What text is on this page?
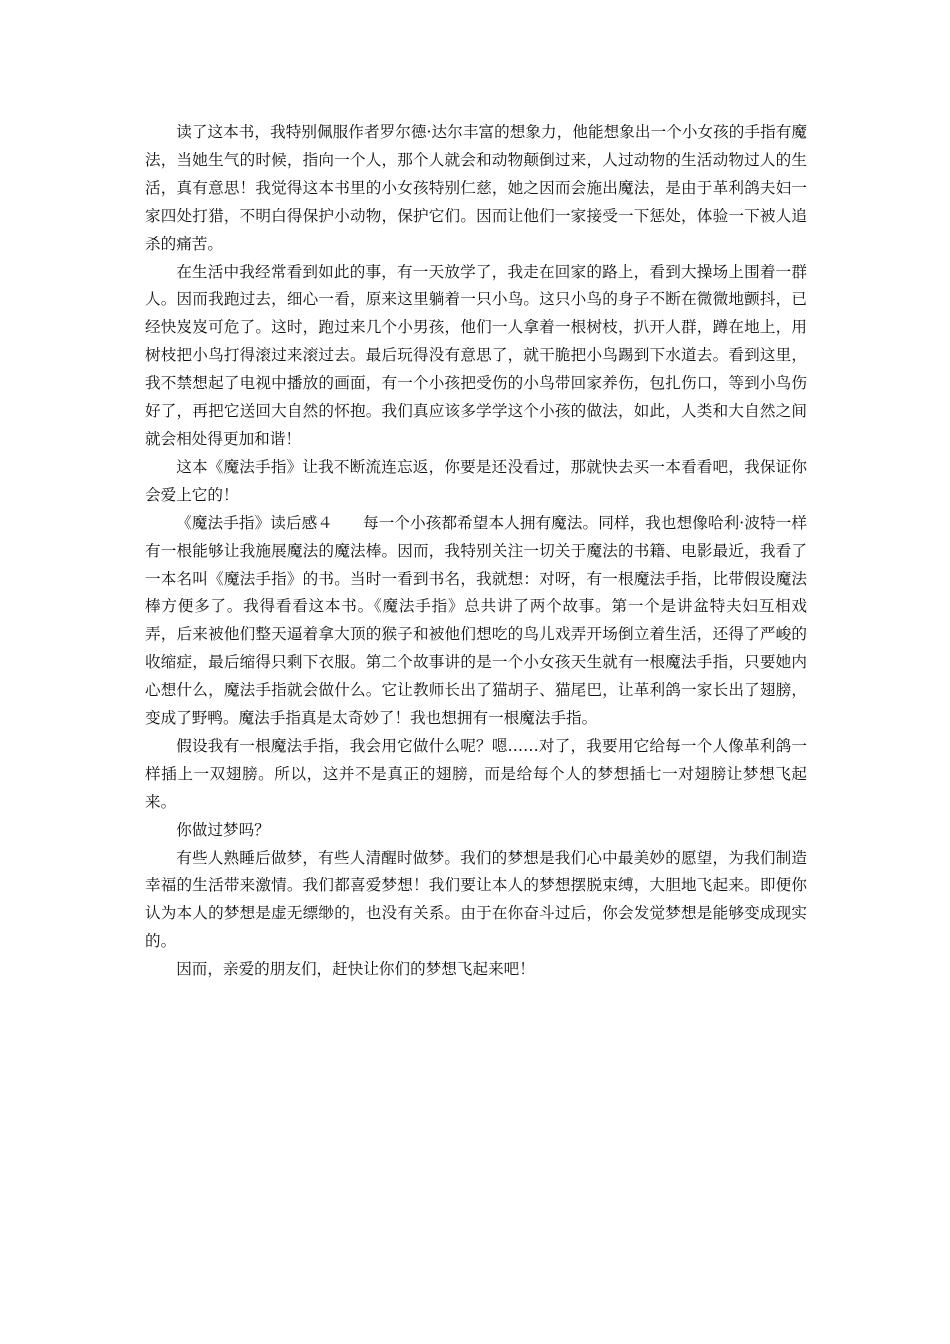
读了这本书，我特别佩服作者罗尔德·达尔丰富的想象力，他能想象出一个小女孩的手指有魔法，当她生气的时候，指向一个人，那个人就会和动物颠倒过来，人过动物的生活动物过人的生活，真有意思！我觉得这本书里的小女孩特别仁慈，她之因而会施出魔法，是由于革利鸽夫妇一家四处打猎，不明白得保护小动物，保护它们。因而让他们一家接受一下惩处，体验一下被人追杀的痛苦。

在生活中我经常看到如此的事，有一天放学了，我走在回家的路上，看到大操场上围着一群人。因而我跑过去，细心一看，原来这里躺着一只小鸟。这只小鸟的身子不断在微微地颤抖，已经快岌岌可危了。这时，跑过来几个小男孩，他们一人拿着一根树枝，扒开人群，蹲在地上，用树枝把小鸟打得滚过来滚过去。最后玩得没有意思了，就干脆把小鸟踢到下水道去。看到这里，我不禁想起了电视中播放的画面，有一个小孩把受伤的小鸟带回家养伤，包扎伤口，等到小鸟伤好了，再把它送回大自然的怀抱。我们真应该多学学这个小孩的做法，如此，人类和大自然之间就会相处得更加和谐！

这本《魔法手指》让我不断流连忘返，你要是还没看过，那就快去买一本看看吧，我保证你会爱上它的！

《魔法手指》读后感４ 每一个小孩都希望本人拥有魔法。同样，我也想像哈利·波特一样有一根能够让我施展魔法的魔法棒。因而，我特别关注一切关于魔法的书籍、电影最近，我看了一本名叫《魔法手指》的书。当时一看到书名，我就想：对呀，有一根魔法手指，比带假设魔法棒方便多了。我得看看这本书。《魔法手指》总共讲了两个故事。第一个是讲盆特夫妇互相戏弄，后来被他们整天逼着拿大顶的猴子和被他们想吃的鸟儿戏弄开场倒立着生活，还得了严峻的收缩症，最后缩得只剩下衣服。第二个故事讲的是一个小女孩天生就有一根魔法手指，只要她内心想什么，魔法手指就会做什么。它让教师长出了猫胡子、猫尾巴，让革利鸽一家长出了翅膀，变成了野鸭。魔法手指真是太奇妙了！我也想拥有一根魔法手指。

假设我有一根魔法手指，我会用它做什么呢？嗯……对了，我要用它给每一个人像革利鸽一样插上一双翅膀。所以，这并不是真正的翅膀，而是给每个人的梦想插七一对翅膀让梦想飞起来。

你做过梦吗？

有些人熟睡后做梦，有些人清醒时做梦。我们的梦想是我们心中最美妙的愿望，为我们制造幸福的生活带来激情。我们都喜爱梦想！我们要让本人的梦想摆脱束缚，大胆地飞起来。即便你认为本人的梦想是虚无缥缈的，也没有关系。由于在你奋斗过后，你会发觉梦想是能够变成现实的。

因而，亲爱的朋友们，赶快让你们的梦想飞起来吧！
